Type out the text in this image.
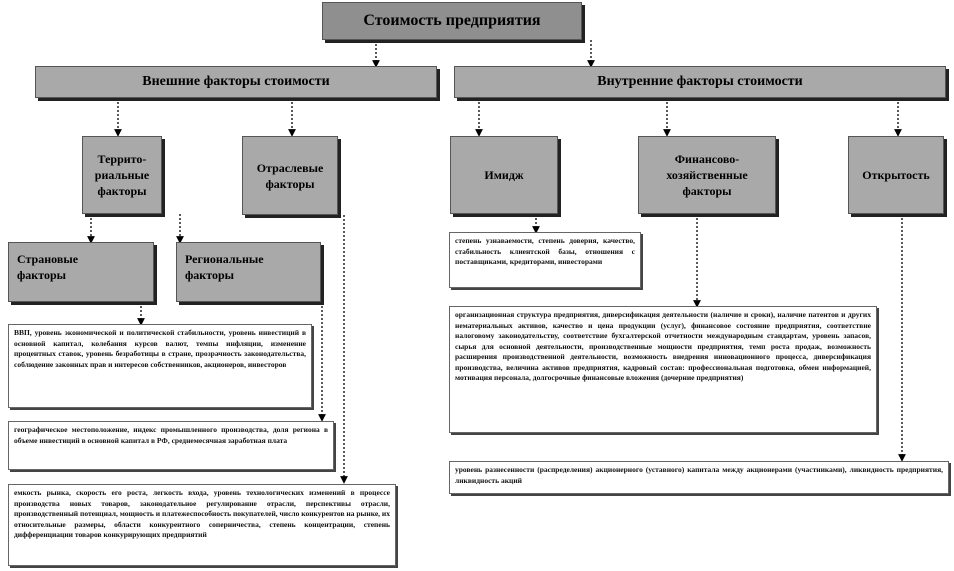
Стоимость предприятия
Внешние факторы стоимости	Внутренние факторы стоимости
Террито-
риальные
факторы
Отраслевые
факторы
Имидж
Финансово-
хозяйственные
факторы
Открытость
Страновые
факторы
Региональные
факторы
ВВП, уровень экономической и политической стабильности, уровень инвестиций в основной капитал, колебания курсов валют, темпы инфляции, изменение процентных ставок, уровень безработицы в стране, прозрачность законодательства, соблюдение законных прав и интересов собственников, акционеров, инвесторов
географическое местоположение, индекс промышленного производства, доля региона в объеме инвестиций в основной капитал в РФ, среднемесячная заработная плата
емкость рынка, скорость его роста, легкость входа, уровень технологических изменений в процессе производства новых товаров, законодательное регулирование отрасли, перспективы отрасли, производственный потенциал, мощность и платежеспособность покупателей, число конкурентов на рынке, их относительные размеры, области конкурентного соперничества, степень концентрации, степень дифференциации товаров конкурирующих предприятий
степень узнаваемости, степень доверия, качество, стабильность клиентской базы, отношения с поставщиками, кредиторами, инвесторами
организационная структура предприятия, диверсификация деятельности (наличие и сроки), наличие патентов и других нематериальных активов, качество и цена продукции (услуг), финансовое состояние предприятия, соответствие налоговому законодательству, соответствие бухгалтерской отчетности международным стандартам, уровень запасов, сырья для основной деятельности, производственные мощности предприятия, темп роста продаж, возможность расширения производственной деятельности, возможность внедрения инновационного процесса, диверсификация производства, величина активов предприятия, кадровый состав: профессиональная подготовка, обмен информацией, мотивация персонала, долгосрочные финансовые вложения (дочерние предприятия)
уровень разнесенности (распределения) акционерного (уставного) капитала между акционерами (участниками), ликвидность предприятия, ликвидность акций
